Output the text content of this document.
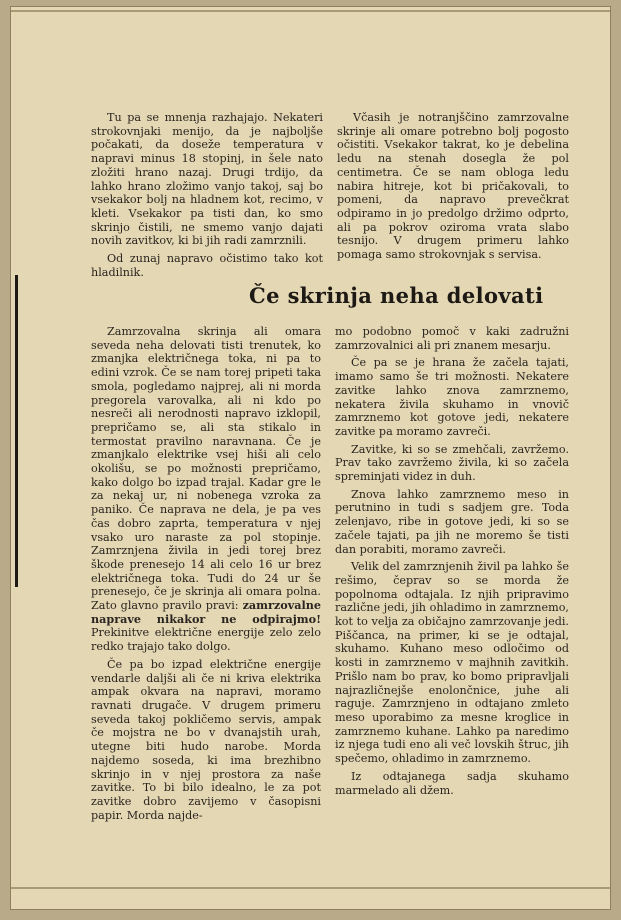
Tu pa se mnenja razhajajo. Nekateri strokovnjaki menijo, da je najboljše počakati, da doseže temperatura v napravi minus 18 stopinj, in šele nato zložiti hrano nazaj. Drugi trdijo, da lahko hrano zložimo vanjo takoj, saj bo vsekakor bolj na hladnem kot, recimo, v kleti. Vsekakor pa tisti dan, ko smo skrinjo čistili, ne smemo vanjo dajati novih zavitkov, ki bi jih radi zamrznili.

Od zunaj napravo očistimo tako kot hladilnik.

Včasih je notranjščino zamrzovalne skrinje ali omare potrebno bolj pogosto očistiti. Vsekakor takrat, ko je debelina ledu na stenah dosegla že pol centimetra. Če se nam obloga ledu nabira hitreje, kot bi pričakovali, to pomeni, da napravo prevečkrat odpiramo in jo predolgo držimo odprto, ali pa pokrov oziroma vrata slabo tesnijo. V drugem primeru lahko pomaga samo strokovnjak s servisa.

Če skrinja neha delovati

Zamrzovalna skrinja ali omara seveda neha delovati tisti trenutek, ko zmanjka električnega toka, ni pa to edini vzrok. Če se nam torej pripeti taka smola, pogledamo najprej, ali ni morda pregorela varovalka, ali ni kdo po nesreči ali nerodnosti napravo izklopil, prepričamo se, ali sta stikalo in termostat pravilno naravnana. Če je zmanjkalo elektrike vsej hiši ali celo okolišu, se po možnosti prepričamo, kako dolgo bo izpad trajal. Kadar gre le za nekaj ur, ni nobenega vzroka za paniko. Če naprava ne dela, je pa ves čas dobro zaprta, temperatura v njej vsako uro naraste za pol stopinje. Zamrznjena živila in jedi torej brez škode prenesejo 14 ali celo 16 ur brez električnega toka. Tudi do 24 ur še prenesejo, če je skrinja ali omara polna. Zato glavno pravilo pravi: zamrzovalne naprave nikakor ne odpirajmo! Prekinitve električne energije zelo zelo redko trajajo tako dolgo.

Če pa bo izpad električne energije vendarle daljši ali če ni kriva elektrika ampak okvara na napravi, moramo ravnati drugače. V drugem primeru seveda takoj pokličemo servis, ampak če mojstra ne bo v dvanajstih urah, utegne biti hudo narobe. Morda najdemo soseda, ki ima brezhibno skrinjo in v njej prostora za naše zavitke. To bi bilo idealno, le za pot zavitke dobro zavijemo v časopisni papir. Morda najde-

mo podobno pomoč v kaki zadružni zamrzovalnici ali pri znanem mesarju.

Če pa se je hrana že začela tajati, imamo samo še tri možnosti. Nekatere zavitke lahko znova zamrznemo, nekatera živila skuhamo in vnovič zamrznemo kot gotove jedi, nekatere zavitke pa moramo zavreči.

Zavitke, ki so se zmehčali, zavržemo. Prav tako zavržemo živila, ki so začela spreminjati videz in duh.

Znova lahko zamrznemo meso in perutnino in tudi s sadjem gre. Toda zelenjavo, ribe in gotove jedi, ki so se začele tajati, pa jih ne moremo še tisti dan porabiti, moramo zavreči.

Velik del zamrznjenih živil pa lahko še rešimo, čeprav so se morda že popolnoma odtajala. Iz njih pripravimo različne jedi, jih ohladimo in zamrznemo, kot to velja za običajno zamrzovanje jedi. Piščanca, na primer, ki se je odtajal, skuhamo. Kuhano meso odločimo od kosti in zamrznemo v majhnih zavitkih. Prišlo nam bo prav, ko bomo pripravljali najrazličnejše enolončnice, juhe ali raguje. Zamrznjeno in odtajano zmleto meso uporabimo za mesne kroglice in zamrznemo kuhane. Lahko pa naredimo iz njega tudi eno ali več lovskih štruc, jih spečemo, ohladimo in zamrznemo.

Iz odtajanega sadja skuhamo marmelado ali džem.
